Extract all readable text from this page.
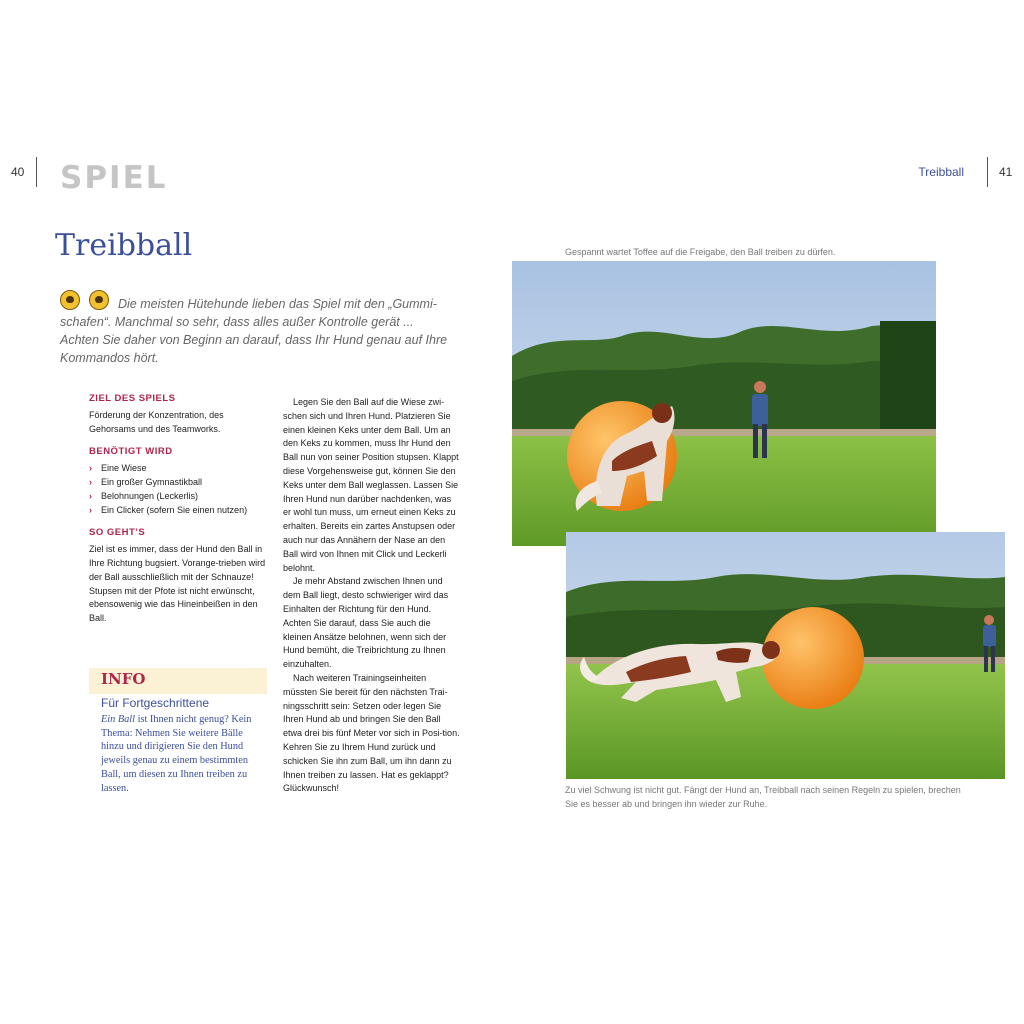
40 SPIEL	Treibball	41
Treibball
Die meisten Hütehunde lieben das Spiel mit den „Gummi-schafen“. Manchmal so sehr, dass alles außer Kontrolle gerät ... Achten Sie daher von Beginn an darauf, dass Ihr Hund genau auf Ihre Kommandos hört.
ZIEL DES SPIELS

Förderung der Konzentration, des Gehorsams und des Teamworks.

BENÖTIGT WIRD
› Eine Wiese
› Ein großer Gymnastikball
› Belohnungen (Leckerlis)
› Ein Clicker (sofern Sie einen nutzen)
SO GEHT’S

Ziel ist es immer, dass der Hund den Ball in Ihre Richtung bugsiert. Vorange-trieben wird der Ball ausschließlich mit der Schnauze! Stupsen mit der Pfote ist nicht erwünscht, ebensowenig wie das Hineinbeißen in den Ball.

INFO
Für Fortgeschrittene
Ein Ball ist Ihnen nicht genug? Kein Thema: Nehmen Sie weitere Bälle hinzu und dirigieren Sie den Hund jeweils genau zu einem bestimmten Ball, um diesen zu Ihnen treiben zu lassen.

Legen Sie den Ball auf die Wiese zwi-schen sich und Ihren Hund. Platzieren Sie einen kleinen Keks unter dem Ball. Um an den Keks zu kommen, muss Ihr Hund den Ball nun von seiner Position stupsen. Klappt diese Vorgehensweise gut, können Sie den Keks unter dem Ball weglassen. Lassen Sie Ihren Hund nun darüber nachdenken, was er wohl tun muss, um erneut einen Keks zu erhalten. Bereits ein zartes Anstupsen oder auch nur das Annähern der Nase an den Ball wird von Ihnen mit Click und Leckerli belohnt.

Je mehr Abstand zwischen Ihnen und dem Ball liegt, desto schwieriger wird das Einhalten der Richtung für den Hund. Achten Sie darauf, dass Sie auch die kleinen Ansätze belohnen, wenn sich der Hund bemüht, die Treibrichtung zu Ihnen einzuhalten.

Nach weiteren Trainingseinheiten müssten Sie bereit für den nächsten Trai-ningsschritt sein: Setzen oder legen Sie Ihren Hund ab und bringen Sie den Ball etwa drei bis fünf Meter vor sich in Posi-tion. Kehren Sie zu Ihrem Hund zurück und schicken Sie ihn zum Ball, um ihn dann zu Ihnen treiben zu lassen. Hat es geklappt? Glückwunsch!

Gespannt wartet Toffee auf die Freigabe, den Ball treiben zu dürfen.
Zu viel Schwung ist nicht gut. Fängt der Hund an, Treibball nach seinen Regeln zu spielen, brechen Sie es besser ab und bringen ihn wieder zur Ruhe.
